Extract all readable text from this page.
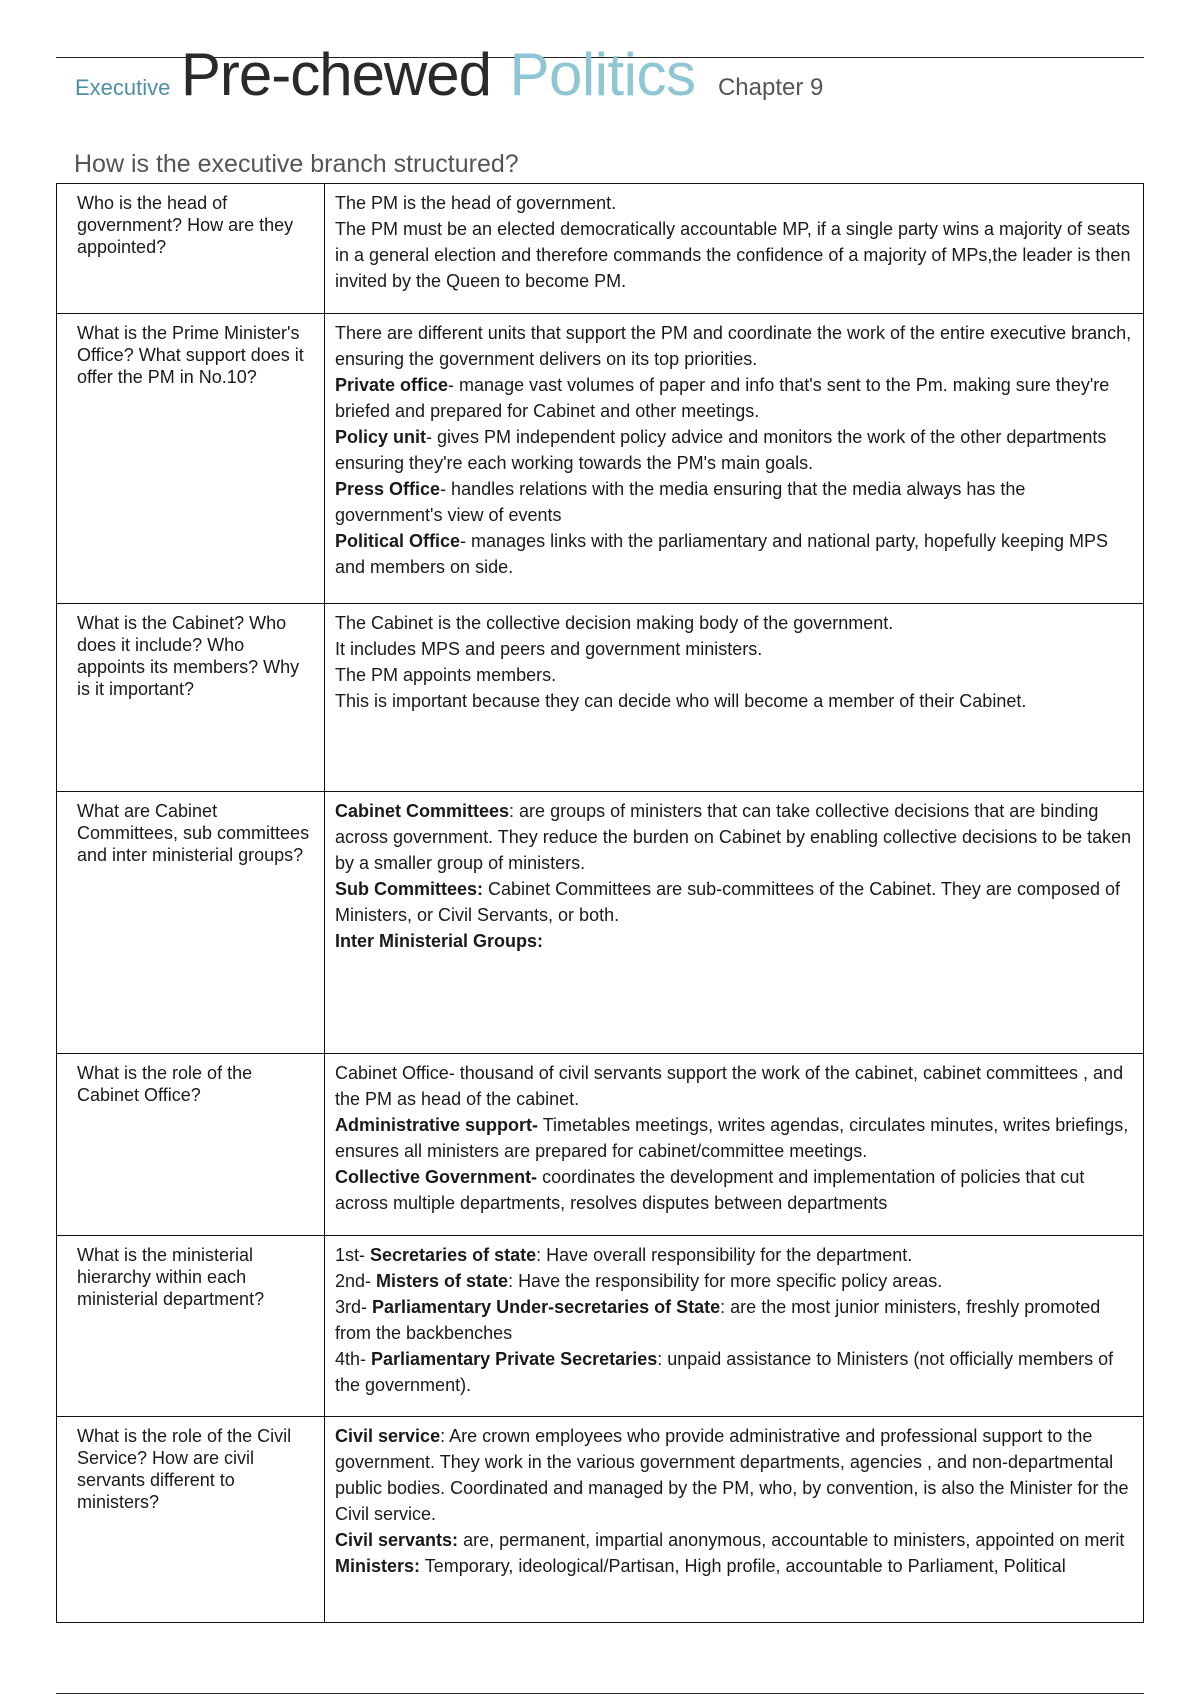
Executive Pre-chewed Politics Chapter 9
How is the executive branch structured?
Who is the head of government? How are they appointed?	The PM is the head of government.

The PM must be an elected democratically accountable MP, if a single party wins a majority of seats in a general election and therefore commands the confidence of a majority of MPs,the leader is then invited by the Queen to become PM.

What is the Prime Minister's Office? What support does it offer the PM in No.10?	There are different units that support the PM and coordinate the work of the entire executive branch, ensuring the government delivers on its top priorities.

Private office- manage vast volumes of paper and info that's sent to the Pm. making sure they're briefed and prepared for Cabinet and other meetings.

Policy unit- gives PM independent policy advice and monitors the work of the other departments ensuring they're each working towards the PM's main goals.

Press Office- handles relations with the media ensuring that the media always has the government's view of events

Political Office- manages links with the parliamentary and national party, hopefully keeping MPS and members on side.

What is the Cabinet? Who does it include? Who appoints its members? Why is it important?	The Cabinet is the collective decision making body of the government.

It includes MPS and peers and government ministers.

The PM appoints members.

This is important because they can decide who will become a member of their Cabinet.

What are Cabinet Committees, sub committees and inter ministerial groups?	Cabinet Committees: are groups of ministers that can take collective decisions that are binding across government. They reduce the burden on Cabinet by enabling collective decisions to be taken by a smaller group of ministers.

Sub Committees: Cabinet Committees are sub-committees of the Cabinet. They are composed of Ministers, or Civil Servants, or both.

Inter Ministerial Groups:

What is the role of the Cabinet Office?	Cabinet Office- thousand of civil servants support the work of the cabinet, cabinet committees , and the PM as head of the cabinet.

Administrative support- Timetables meetings, writes agendas, circulates minutes, writes briefings, ensures all ministers are prepared for cabinet/committee meetings.

Collective Government- coordinates the development and implementation of policies that cut across multiple departments, resolves disputes between departments

What is the ministerial hierarchy within each ministerial department?	1st- Secretaries of state: Have overall responsibility for the department.

2nd- Misters of state: Have the responsibility for more specific policy areas.

3rd- Parliamentary Under-secretaries of State: are the most junior ministers, freshly promoted from the backbenches

4th- Parliamentary Private Secretaries: unpaid assistance to Ministers (not officially members of the government).

What is the role of the Civil Service? How are civil servants different to ministers?	Civil service: Are crown employees who provide administrative and professional support to the government. They work in the various government departments, agencies , and non-departmental public bodies. Coordinated and managed by the PM, who, by convention, is also the Minister for the Civil service.

Civil servants: are, permanent, impartial anonymous, accountable to ministers, appointed on merit

Ministers: Temporary, ideological/Partisan, High profile, accountable to Parliament, Political
